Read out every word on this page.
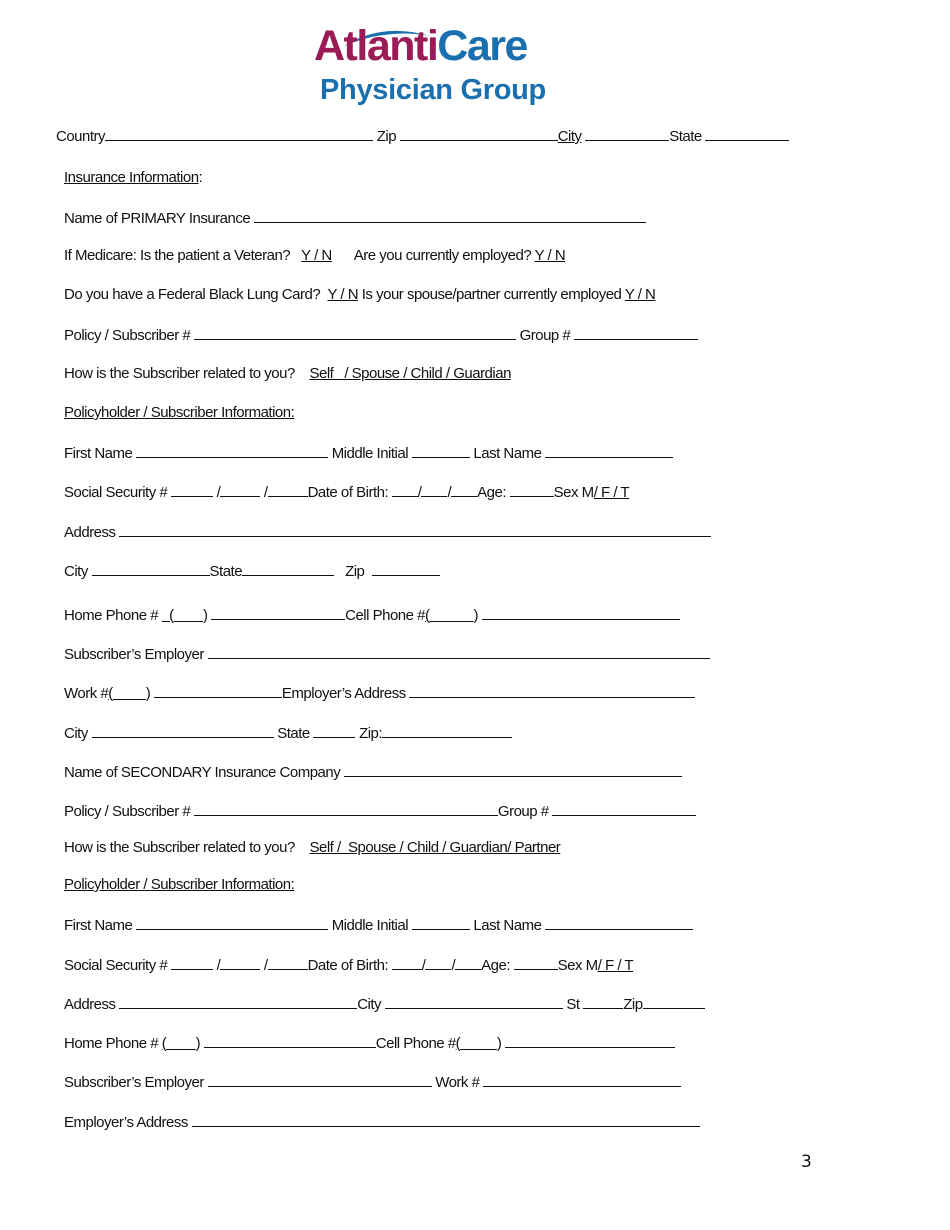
AtlantiCare
Physician Group
Country	Zip	City	State
Insurance Information:
Name of PRIMARY Insurance
If Medicare: Is the patient a Veteran? Y / N Are you currently employed? Y / N
Do you have a Federal Black Lung Card? Y / N Is your spouse/partner currently employed Y / N
Policy / Subscriber #	Group #
How is the Subscriber related to you? Self   / Spouse / Child / Guardian
Policyholder / Subscriber Information:
First Name	Middle Initial	Last Name
Social Security #	/	/	Date of Birth: / / Age:	Sex M/ F / T
Address
City	State	Zip
Home Phone # ( )	Cell Phone #(	)
Subscriber’s Employer
Work #( )	Employer’s Address
City	State	Zip:
Name of SECONDARY Insurance Company
Policy / Subscriber #	Group #
How is the Subscriber related to you? Self /  Spouse / Child / Guardian/ Partner
Policyholder / Subscriber Information:
First Name	Middle Initial	Last Name
Social Security #	/	/	Date of Birth: / / Age:	Sex M/ F / T
Address	City	St	Zip
Home Phone # ( )	Cell Phone #( )
Subscriber’s Employer	Work #
Employer’s Address
3
